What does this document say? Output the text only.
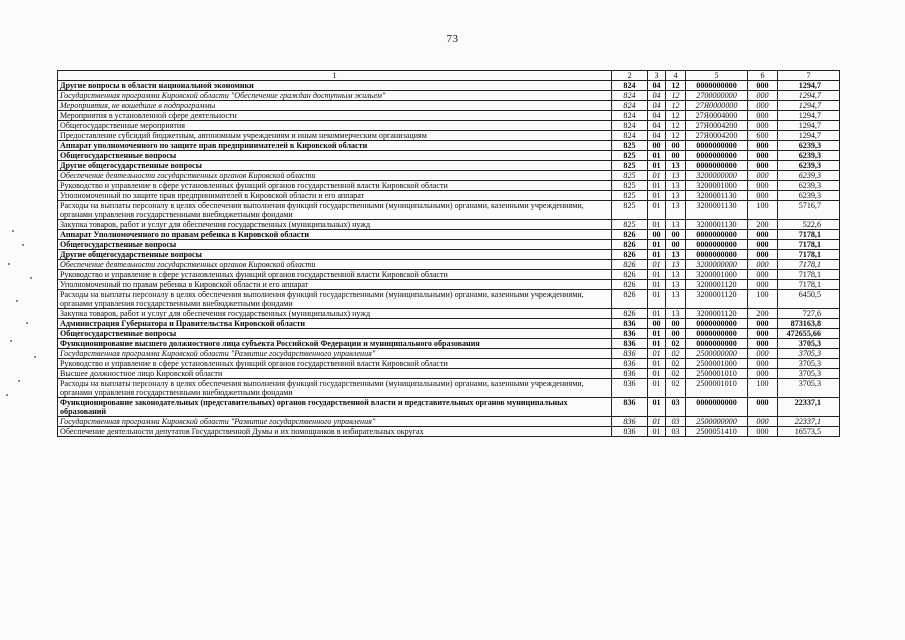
73
1	2	3	4	5	6	7
Другие вопросы в области национальной экономики	824	04	12	0000000000	000	1294,7
Государственная программа Кировской области "Обеспечение граждан доступным жильем"	824	04	12	2700000000	000	1294,7
Мероприятия, не вошедшие в подпрограммы	824	04	12	27Я0000000	000	1294,7
Мероприятия в установленной сфере деятельности	824	04	12	27Я0004000	000	1294,7
Общегосударственные мероприятия	824	04	12	27Я0004200	000	1294,7
Предоставление субсидий бюджетным, автономным учреждениям и иным некоммерческим организациям	824	04	12	27Я0004200	600	1294,7
Аппарат уполномоченного по защите прав предпринимателей в Кировской области	825	00	00	0000000000	000	6239,3
Общегосударственные вопросы	825	01	00	0000000000	000	6239,3
Другие общегосударственные вопросы	825	01	13	0000000000	000	6239,3
Обеспечение деятельности государственных органов Кировской области	825	01	13	3200000000	000	6239,3
Руководство и управление в сфере установленных функций органов государственной власти Кировской области	825	01	13	3200001000	000	6239,3
Уполномоченный по защите прав предпринимателей в Кировской области и его аппарат	825	01	13	3200001130	000	6239,3
Расходы на выплаты персоналу в целях обеспечения выполнения функций государственными (муниципальными) органами, казенными учреждениями, органами управления государственными внебюджетными фондами	825	01	13	3200001130	100	5716,7
Закупка товаров, работ и услуг для обеспечения государственных (муниципальных) нужд	825	01	13	3200001130	200	522,6
Аппарат Уполномоченного по правам ребенка в Кировской области	826	00	00	0000000000	000	7178,1
Общегосударственные вопросы	826	01	00	0000000000	000	7178,1
Другие общегосударственные вопросы	826	01	13	0000000000	000	7178,1
Обеспечение деятельности государственных органов Кировской области	826	01	13	3200000000	000	7178,1
Руководство и управление в сфере установленных функций органов государственной власти Кировской области	826	01	13	3200001000	000	7178,1
Уполномоченный по правам ребенка в Кировской области и его аппарат	826	01	13	3200001120	000	7178,1
Расходы на выплаты персоналу в целях обеспечения выполнения функций государственными (муниципальными) органами, казенными учреждениями, органами управления государственными внебюджетными фондами	826	01	13	3200001120	100	6450,5
Закупка товаров, работ и услуг для обеспечения государственных (муниципальных) нужд	826	01	13	3200001120	200	727,6
Администрация Губернатора и Правительства Кировской области	836	00	00	0000000000	000	873163,8
Общегосударственные вопросы	836	01	00	0000000000	000	472655,66
Функционирование высшего должностного лица субъекта Российской Федерации и муниципального образования	836	01	02	0000000000	000	3705,3
Государственная программа Кировской области "Развитие государственного управления"	836	01	02	2500000000	000	3705,3
Руководство и управление в сфере установленных функций органов государственной власти Кировской области	836	01	02	2500001000	000	3705,3
Высшее должностное лицо Кировской области	836	01	02	2500001010	000	3705,3
Расходы на выплаты персоналу в целях обеспечения выполнения функций государственными (муниципальными) органами, казенными учреждениями, органами управления государственными внебюджетными фондами	836	01	02	2500001010	100	3705,3
Функционирование законодательных (представительных) органов государственной власти и представительных органов муниципальных образований	836	01	03	0000000000	000	22337,1
Государственная программа Кировской области "Развитие государственного управления"	836	01	03	2500000000	000	22337,1
Обеспечение деятельности депутатов Государственной Думы и их помощников в избирательных округах	836	01	03	2500051410	000	16573,5
